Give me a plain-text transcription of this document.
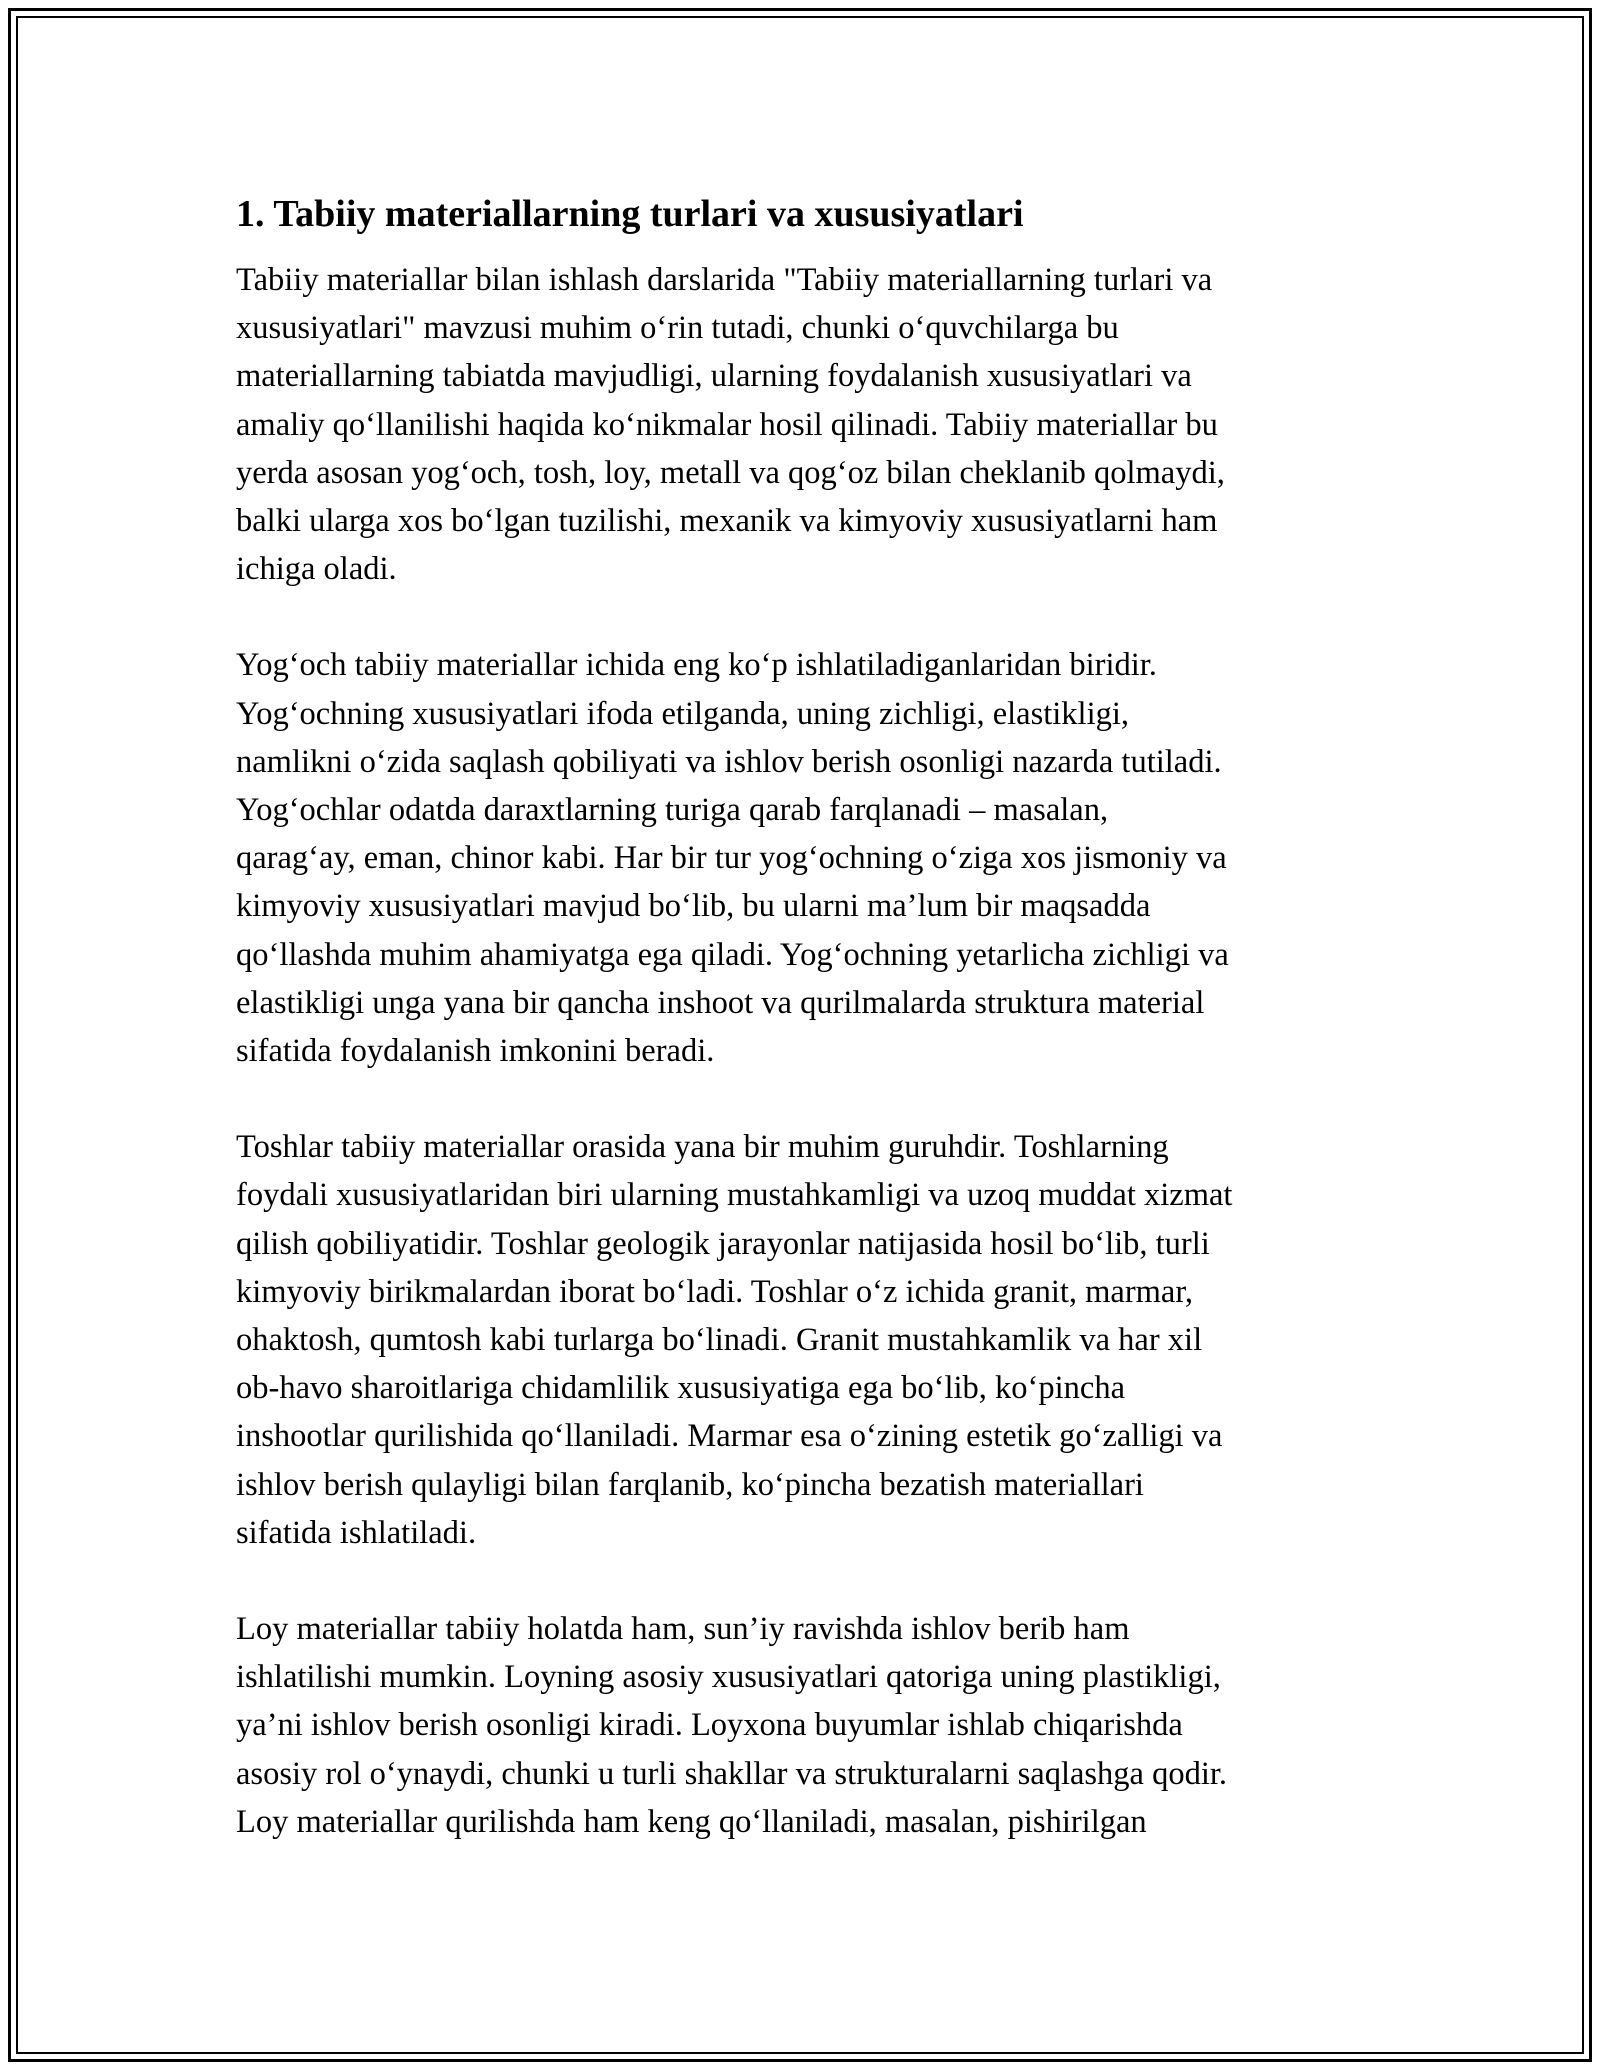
1. Tabiiy materiallarning turlari va xususiyatlari

Tabiiy materiallar bilan ishlash darslarida "Tabiiy materiallarning turlari va
xususiyatlari" mavzusi muhim o‘rin tutadi, chunki o‘quvchilarga bu
materiallarning tabiatda mavjudligi, ularning foydalanish xususiyatlari va
amaliy qo‘llanilishi haqida ko‘nikmalar hosil qilinadi. Tabiiy materiallar bu
yerda asosan yog‘och, tosh, loy, metall va qog‘oz bilan cheklanib qolmaydi,
balki ularga xos bo‘lgan tuzilishi, mexanik va kimyoviy xususiyatlarni ham
ichiga oladi.

Yog‘och tabiiy materiallar ichida eng ko‘p ishlatiladiganlaridan biridir.
Yog‘ochning xususiyatlari ifoda etilganda, uning zichligi, elastikligi,
namlikni o‘zida saqlash qobiliyati va ishlov berish osonligi nazarda tutiladi.
Yog‘ochlar odatda daraxtlarning turiga qarab farqlanadi – masalan,
qarag‘ay, eman, chinor kabi. Har bir tur yog‘ochning o‘ziga xos jismoniy va
kimyoviy xususiyatlari mavjud bo‘lib, bu ularni ma’lum bir maqsadda
qo‘llashda muhim ahamiyatga ega qiladi. Yog‘ochning yetarlicha zichligi va
elastikligi unga yana bir qancha inshoot va qurilmalarda struktura material
sifatida foydalanish imkonini beradi.

Toshlar tabiiy materiallar orasida yana bir muhim guruhdir. Toshlarning
foydali xususiyatlaridan biri ularning mustahkamligi va uzoq muddat xizmat
qilish qobiliyatidir. Toshlar geologik jarayonlar natijasida hosil bo‘lib, turli
kimyoviy birikmalardan iborat bo‘ladi. Toshlar o‘z ichida granit, marmar,
ohaktosh, qumtosh kabi turlarga bo‘linadi. Granit mustahkamlik va har xil
ob-havo sharoitlariga chidamlilik xususiyatiga ega bo‘lib, ko‘pincha
inshootlar qurilishida qo‘llaniladi. Marmar esa o‘zining estetik go‘zalligi va
ishlov berish qulayligi bilan farqlanib, ko‘pincha bezatish materiallari
sifatida ishlatiladi.

Loy materiallar tabiiy holatda ham, sun’iy ravishda ishlov berib ham
ishlatilishi mumkin. Loyning asosiy xususiyatlari qatoriga uning plastikligi,
ya’ni ishlov berish osonligi kiradi. Loyxona buyumlar ishlab chiqarishda
asosiy rol o‘ynaydi, chunki u turli shakllar va strukturalarni saqlashga qodir.
Loy materiallar qurilishda ham keng qo‘llaniladi, masalan, pishirilgan
